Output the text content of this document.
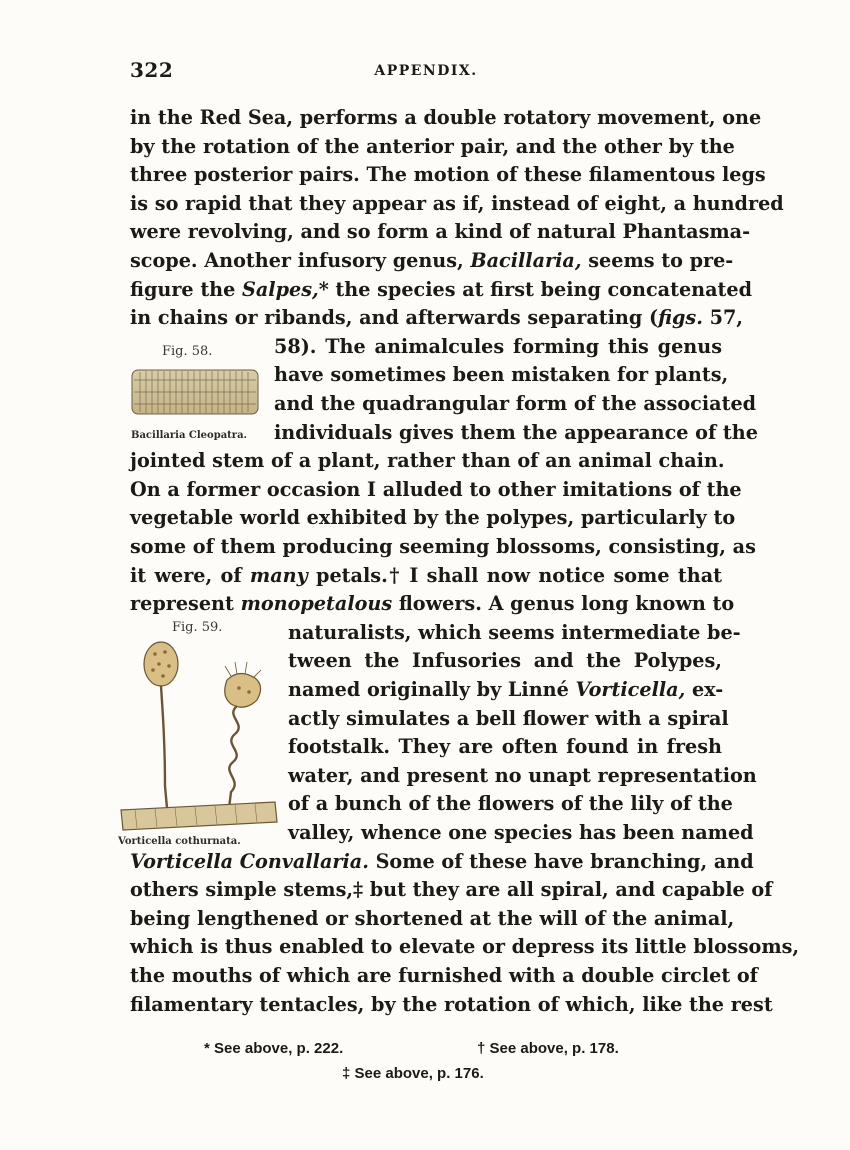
322	APPENDIX.
in the Red Sea, performs a double rotatory movement, one
by the rotation of the anterior pair, and the other by the
three posterior pairs. The motion of these filamentous legs
is so rapid that they appear as if, instead of eight, a hundred
were revolving, and so form a kind of natural Phantasma-
scope. Another infusory genus, Bacillaria, seems to pre-
figure the Salpes,* the species at first being concatenated
in chains or ribands, and afterwards separating (figs. 57,
58). The animalcules forming this genus
have sometimes been mistaken for plants,
and the quadrangular form of the associated
individuals gives them the appearance of the
jointed stem of a plant, rather than of an animal chain.
On a former occasion I alluded to other imitations of the
vegetable world exhibited by the polypes, particularly to
some of them producing seeming blossoms, consisting, as
it were, of many petals.† I shall now notice some that
represent monopetalous flowers. A genus long known to
naturalists, which seems intermediate be-
tween the Infusories and the Polypes,
named originally by Linné Vorticella, ex-
actly simulates a bell flower with a spiral
footstalk. They are often found in fresh
water, and present no unapt representation
of a bunch of the flowers of the lily of the
valley, whence one species has been named
Vorticella Convallaria. Some of these have branching, and
others simple stems,‡ but they are all spiral, and capable of
being lengthened or shortened at the will of the animal,
which is thus enabled to elevate or depress its little blossoms,
the mouths of which are furnished with a double circlet of
filamentary tentacles, by the rotation of which, like the rest
Fig. 58.
Bacillaria Cleopatra.
Fig. 59.
Vorticella cothurnata.
* See above, p. 222.	† See above, p. 178.
‡ See above, p. 176.
